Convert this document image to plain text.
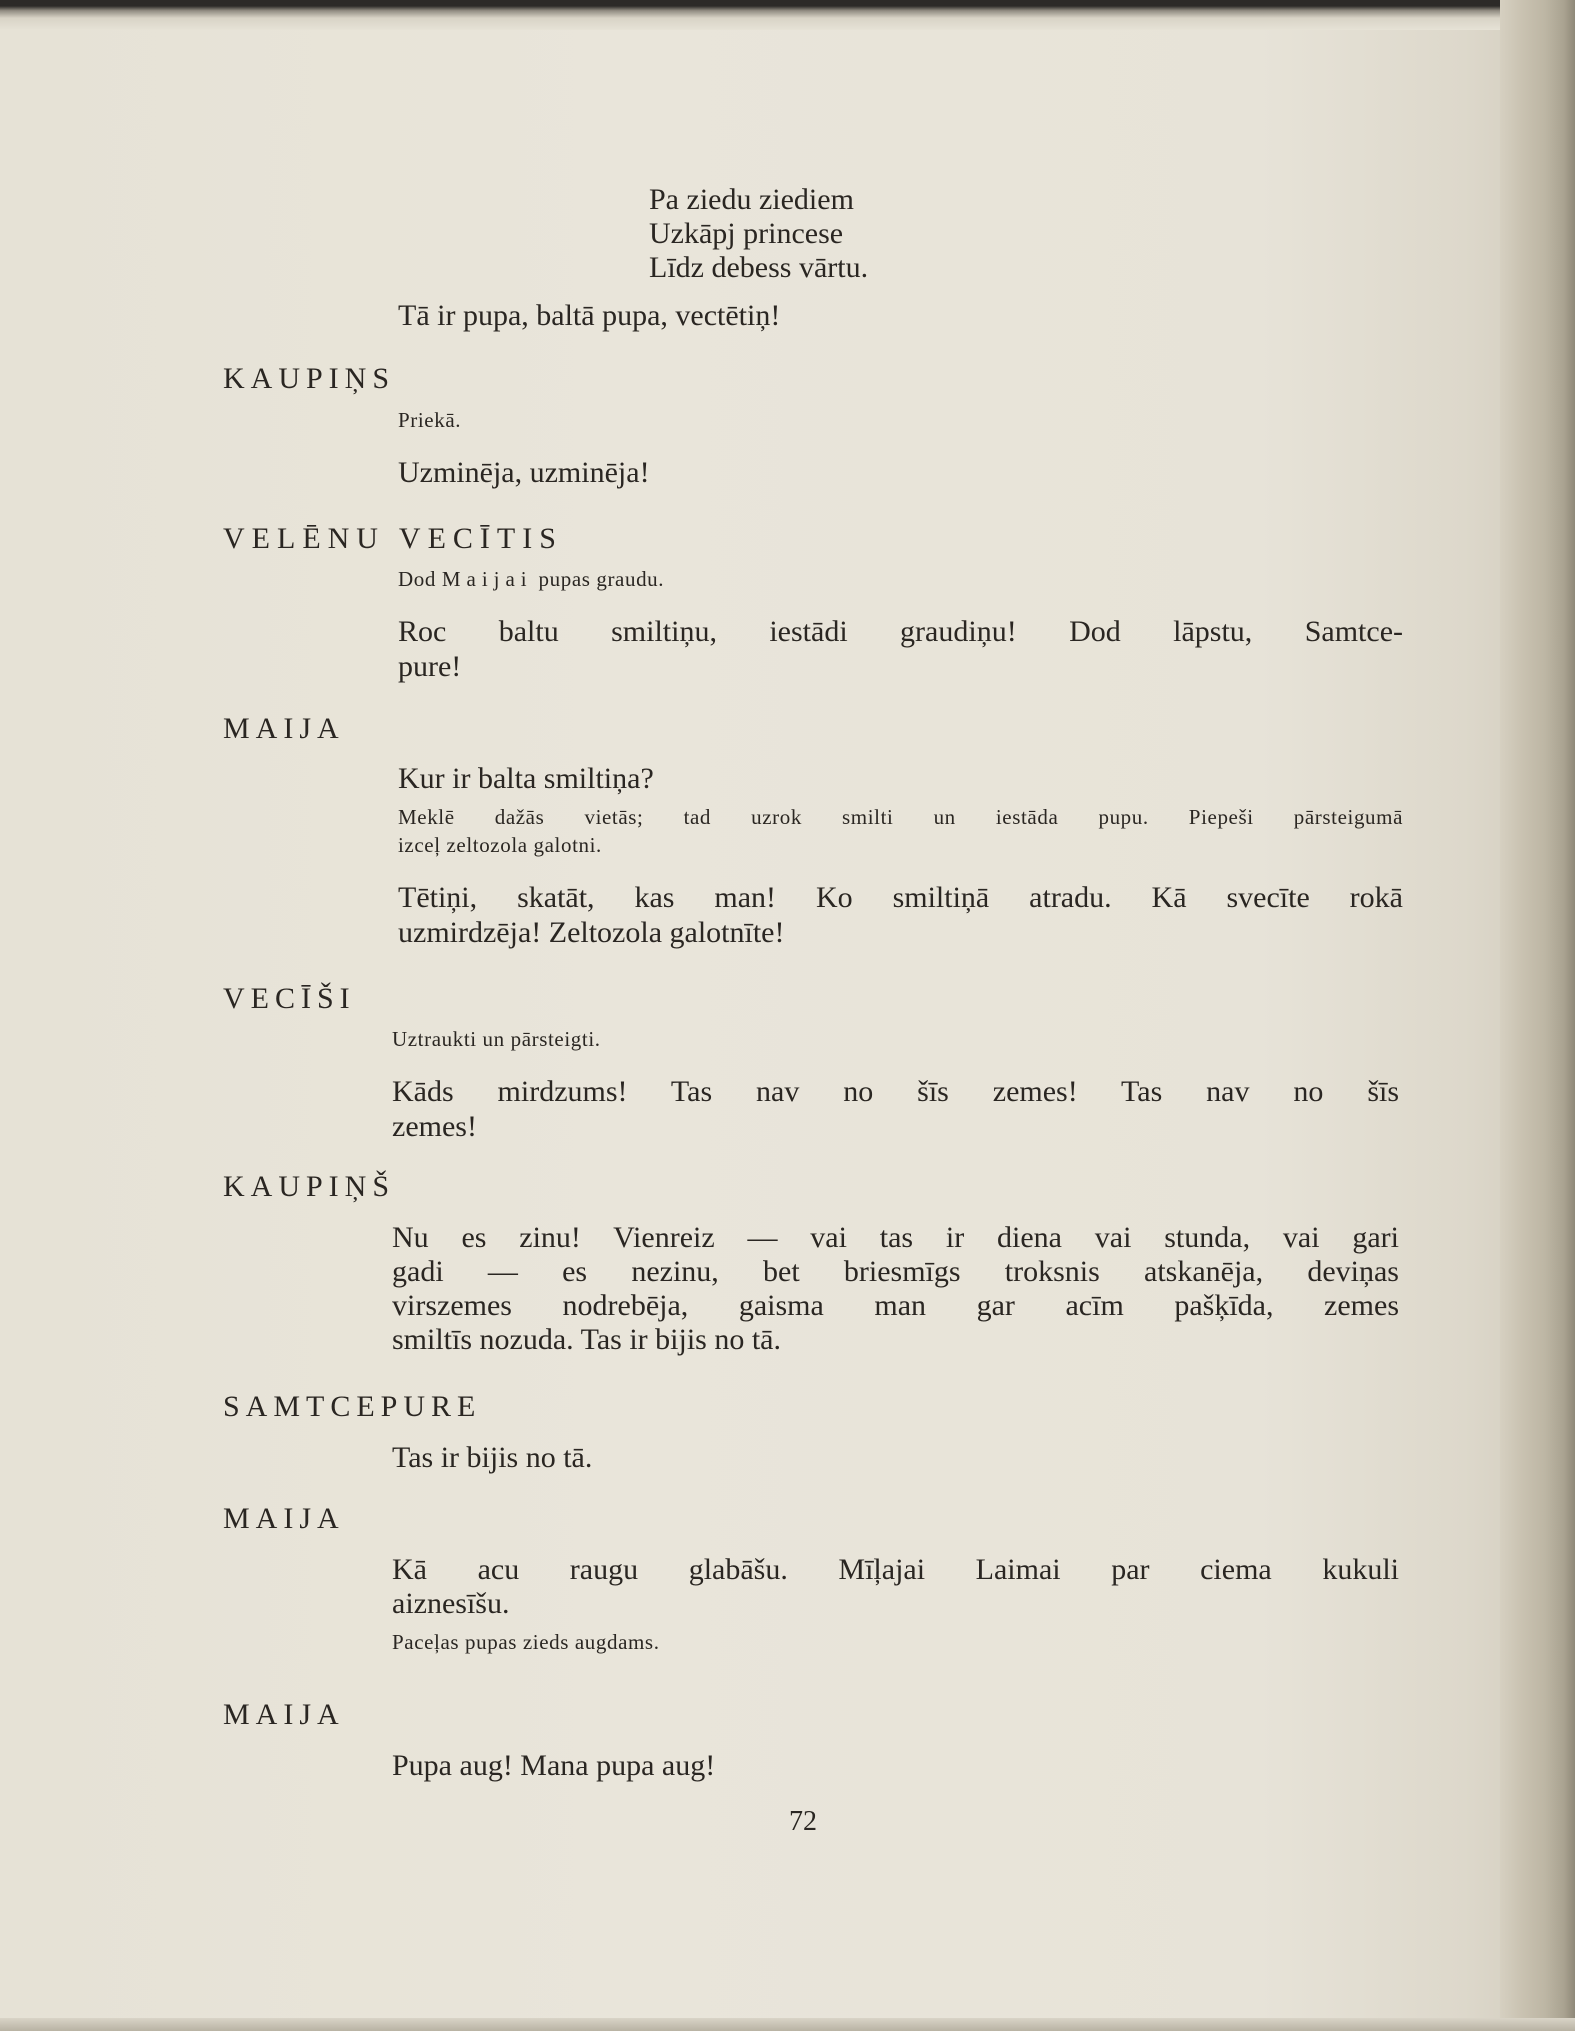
Pa ziedu ziediem

Uzkāpj princese

Līdz debess vārtu.

Tā ir pupa, baltā pupa, vectētiņ!

KAUPIŅS

Priekā.

Uzminēja, uzminēja!

VELĒNU VECĪTIS

Dod Maijai pupas graudu.

Roc baltu smiltiņu, iestādi graudiņu! Dod lāpstu, Samtce-

pure!

MAIJA

Kur ir balta smiltiņa?

Meklē dažās vietās; tad uzrok smilti un iestāda pupu. Piepeši pārsteigumā

izceļ zeltozola galotni.

Tētiņi, skatāt, kas man! Ko smiltiņā atradu. Kā svecīte rokā

uzmirdzēja! Zeltozola galotnīte!

VECĪŠI

Uztraukti un pārsteigti.

Kāds mirdzums! Tas nav no šīs zemes! Tas nav no šīs

zemes!

KAUPIŅŠ

Nu es zinu! Vienreiz — vai tas ir diena vai stunda, vai gari

gadi — es nezinu, bet briesmīgs troksnis atskanēja, deviņas

virszemes nodrebēja, gaisma man gar acīm pašķīda, zemes

smiltīs nozuda. Tas ir bijis no tā.

SAMTCEPURE

Tas ir bijis no tā.

MAIJA

Kā acu raugu glabāšu. Mīļajai Laimai par ciema kukuli

aiznesīšu.

Paceļas pupas zieds augdams.

MAIJA

Pupa aug! Mana pupa aug!

72
